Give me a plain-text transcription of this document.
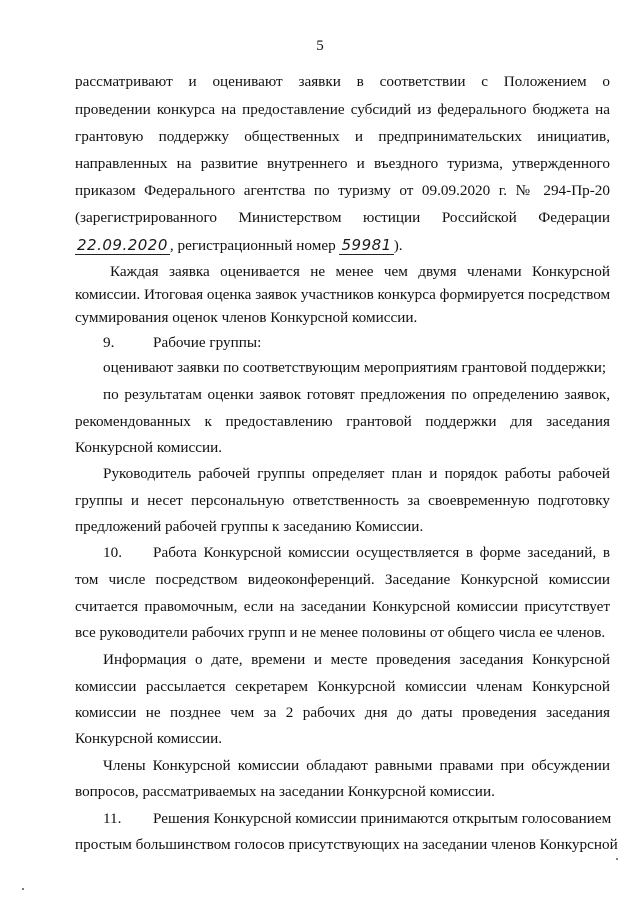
5
рассматривают и оценивают заявки в соответствии с Положением о
проведении конкурса на предоставление субсидий из федерального бюджета на
грантовую поддержку общественных и предпринимательских инициатив,
направленных на развитие внутреннего и въездного туризма, утвержденного
приказом Федерального агентства по туризму от 09.09.2020 г. № 294-Пр-20
(зарегистрированного Министерством юстиции Российской Федерации
22.09.2020 , регистрационный номер 59981 ).
Каждая заявка оценивается не менее чем двумя членами Конкурсной
комиссии. Итоговая оценка заявок участников конкурса формируется посредством
суммирования оценок членов Конкурсной комиссии.
9.	Рабочие группы:
оценивают заявки по соответствующим мероприятиям грантовой поддержки;
по результатам оценки заявок готовят предложения по определению заявок,
рекомендованных к предоставлению грантовой поддержки для заседания
Конкурсной комиссии.
Руководитель рабочей группы определяет план и порядок работы рабочей
группы и несет персональную ответственность за своевременную подготовку
предложений рабочей группы к заседанию Комиссии.
10. Работа Конкурсной комиссии осуществляется в форме заседаний, в
том числе посредством видеоконференций. Заседание Конкурсной комиссии
считается правомочным, если на заседании Конкурсной комиссии присутствует
все руководители рабочих групп и не менее половины от общего числа ее членов.
Информация о дате, времени и месте проведения заседания Конкурсной
комиссии рассылается секретарем Конкурсной комиссии членам Конкурсной
комиссии не позднее чем за 2 рабочих дня до даты проведения заседания
Конкурсной комиссии.
Члены Конкурсной комиссии обладают равными правами при обсуждении
вопросов, рассматриваемых на заседании Конкурсной комиссии.
11. Решения Конкурсной комиссии принимаются открытым голосованием
простым большинством голосов присутствующих на заседании членов Конкурсной
